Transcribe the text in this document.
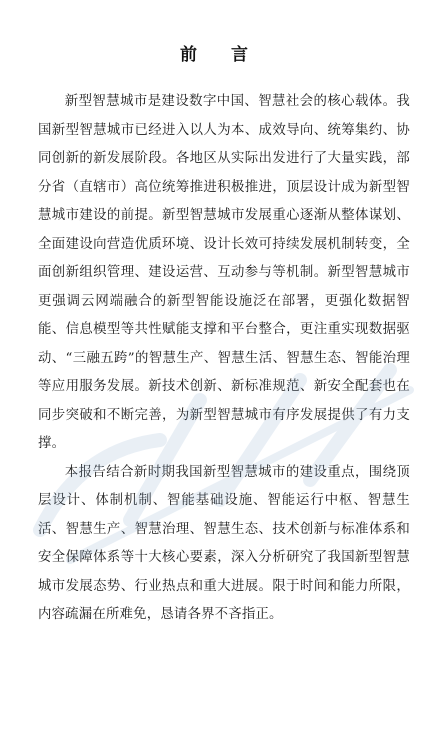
前 言

新型智慧城市是建设数字中国、智慧社会的核心载体。我国新型智慧城市已经进入以人为本、成效导向、统筹集约、协同创新的新发展阶段。各地区从实际出发进行了大量实践，部分省（直辖市）高位统筹推进积极推进，顶层设计成为新型智慧城市建设的前提。新型智慧城市发展重心逐渐从整体谋划、全面建设向营造优质环境、设计长效可持续发展机制转变，全面创新组织管理、建设运营、互动参与等机制。新型智慧城市更强调云网端融合的新型智能设施泛在部署，更强化数据智能、信息模型等共性赋能支撑和平台整合，更注重实现数据驱动、“三融五跨”的智慧生产、智慧生活、智慧生态、智能治理等应用服务发展。新技术创新、新标准规范、新安全配套也在同步突破和不断完善，为新型智慧城市有序发展提供了有力支撑。

本报告结合新时期我国新型智慧城市的建设重点，围绕顶层设计、体制机制、智能基础设施、智能运行中枢、智慧生活、智慧生产、智慧治理、智慧生态、技术创新与标准体系和安全保障体系等十大核心要素，深入分析研究了我国新型智慧城市发展态势、行业热点和重大进展。限于时间和能力所限，内容疏漏在所难免，恳请各界不吝指正。
